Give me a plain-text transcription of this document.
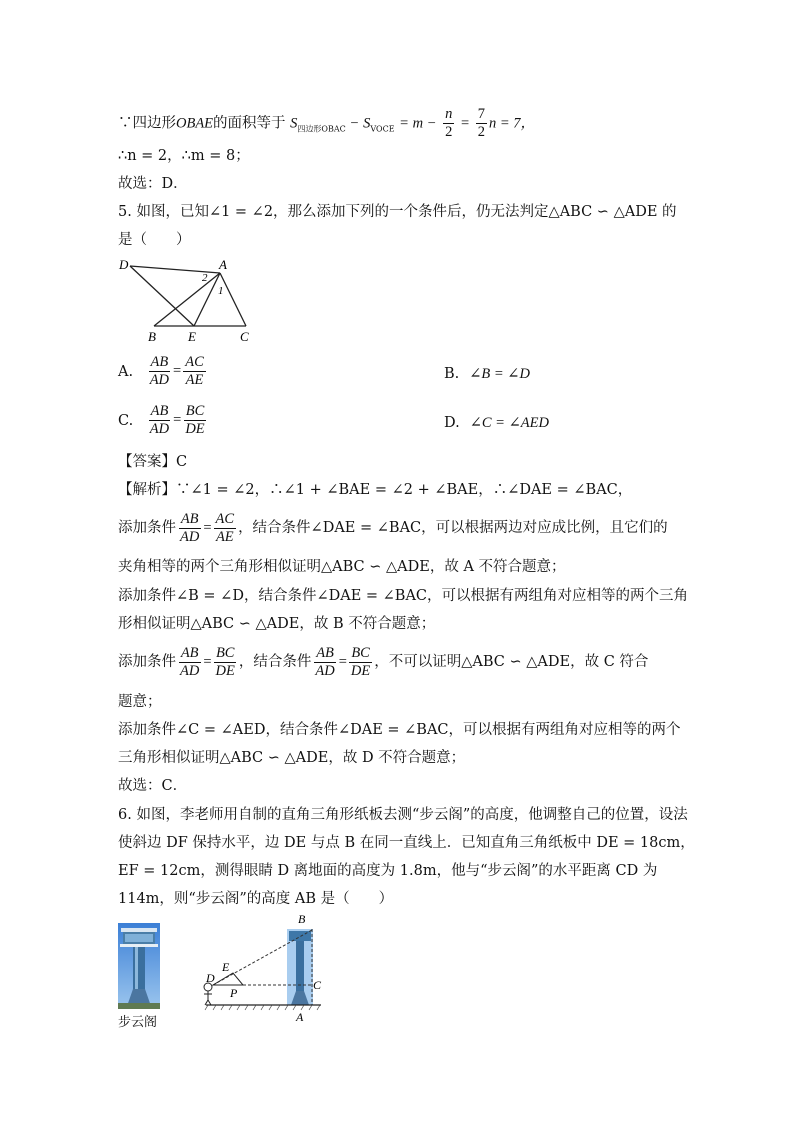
∵四边形OBAE的面积等于 $S_{四边形OBAC} - S_{VOCE} = m - \frac{n}{2} = \frac{7}{2}$ n = 7，
∴n = 2，∴m = 8；
故选：D．
5. 如图，已知∠1 = ∠2，那么添加下列的一个条件后，仍无法判定△ABC ∽ △ADE 的
是（　　）
D	A
2
1
B E	C
A. $\frac{AB}{AD} = \frac{AC}{AE}$	B. ∠B = ∠D
C. $\frac{AB}{AD} = \frac{BC}{DE}$	D. ∠C = ∠AED
【答案】C
【解析】∵∠1 = ∠2，∴∠1 + ∠BAE = ∠2 + ∠BAE，∴∠DAE = ∠BAC，
添加条件 $\frac{AB}{AD} = \frac{AC}{AE}$ ，结合条件∠DAE = ∠BAC，可以根据两边对应成比例，且它们的
夹角相等的两个三角形相似证明△ABC ∽ △ADE，故 A 不符合题意；
添加条件∠B = ∠D，结合条件∠DAE = ∠BAC，可以根据有两组角对应相等的两个三角
形相似证明△ABC ∽ △ADE，故 B 不符合题意；
添加条件 $\frac{AB}{AD} = \frac{BC}{DE}$ ，结合条件 $\frac{AB}{AD} = \frac{BC}{DE}$ ，不可以证明△ABC ∽ △ADE，故 C 符合
题意；
添加条件∠C = ∠AED，结合条件∠DAE = ∠BAC，可以根据有两组角对应相等的两个
三角形相似证明△ABC ∽ △ADE，故 D 不符合题意；
故选：C．
6. 如图，李老师用自制的直角三角形纸板去测“步云阁”的高度，他调整自己的位置，设法
使斜边 DF 保持水平，边 DE 与点 B 在同一直线上．已知直角三角纸板中 DE = 18cm，
EF = 12cm，测得眼睛 D 离地面的高度为 1.8m，他与“步云阁”的水平距离 CD 为
114m，则“步云阁”的高度 AB 是（　　）
步云阁
B
E
D
P
C
A
